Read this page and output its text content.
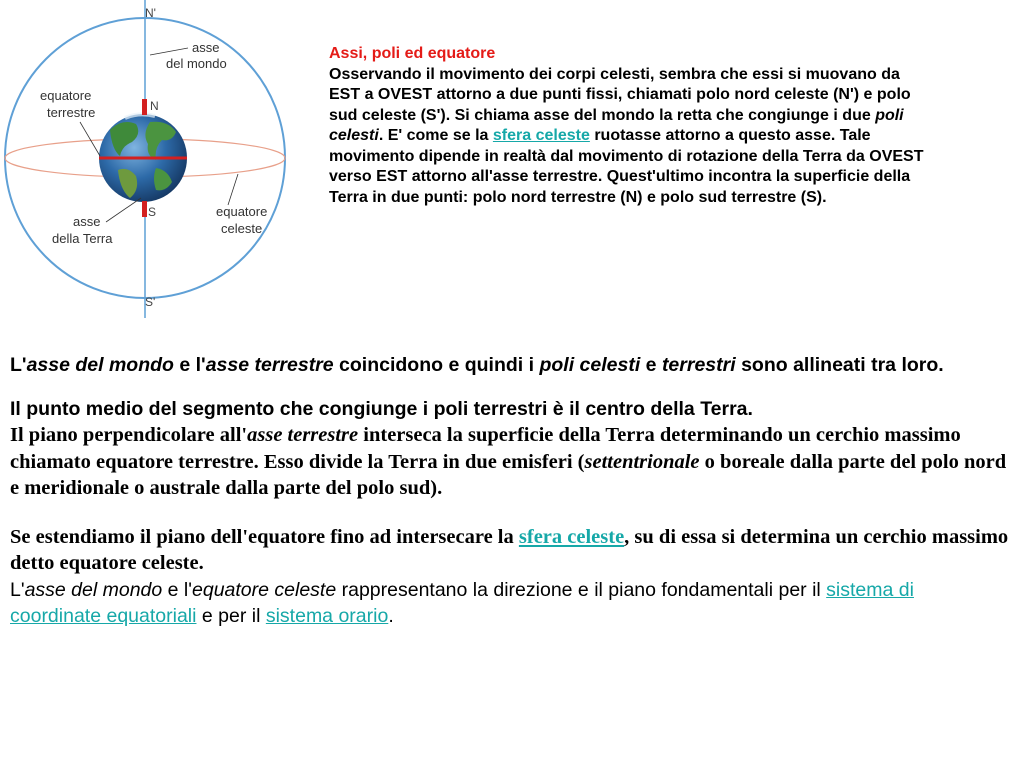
N'
N
S
S'
asse
del mondo
equatore
terrestre
asse
della Terra
equatore
celeste
Assi, poli ed equatore
Osservando il movimento dei corpi celesti, sembra che essi si muovano da EST a OVEST attorno a due punti fissi, chiamati polo nord celeste (N') e polo sud celeste (S'). Si chiama asse del mondo la retta che congiunge i due poli celesti. E' come se la sfera celeste ruotasse attorno a questo asse. Tale movimento dipende in realtà dal movimento di rotazione della Terra da OVEST verso EST attorno all'asse terrestre. Quest'ultimo incontra la superficie della Terra in due punti: polo nord terrestre (N) e polo sud terrestre (S).

L'asse del mondo e l'asse terrestre coincidono e quindi i poli celesti e terrestri sono allineati tra loro.

Il punto medio del segmento che congiunge i poli terrestri è il centro della Terra.

Il piano perpendicolare all'asse terrestre interseca la superficie della Terra determinando un cerchio massimo chiamato equatore terrestre. Esso divide la Terra in due emisferi (settentrionale o boreale dalla parte del polo nord e meridionale o australe dalla parte del polo sud).

Se estendiamo il piano dell'equatore fino ad intersecare la sfera celeste, su di essa si determina un cerchio massimo detto equatore celeste.

L'asse del mondo e l'equatore celeste rappresentano la direzione e il piano fondamentali per il sistema di coordinate equatoriali e per il sistema orario.
